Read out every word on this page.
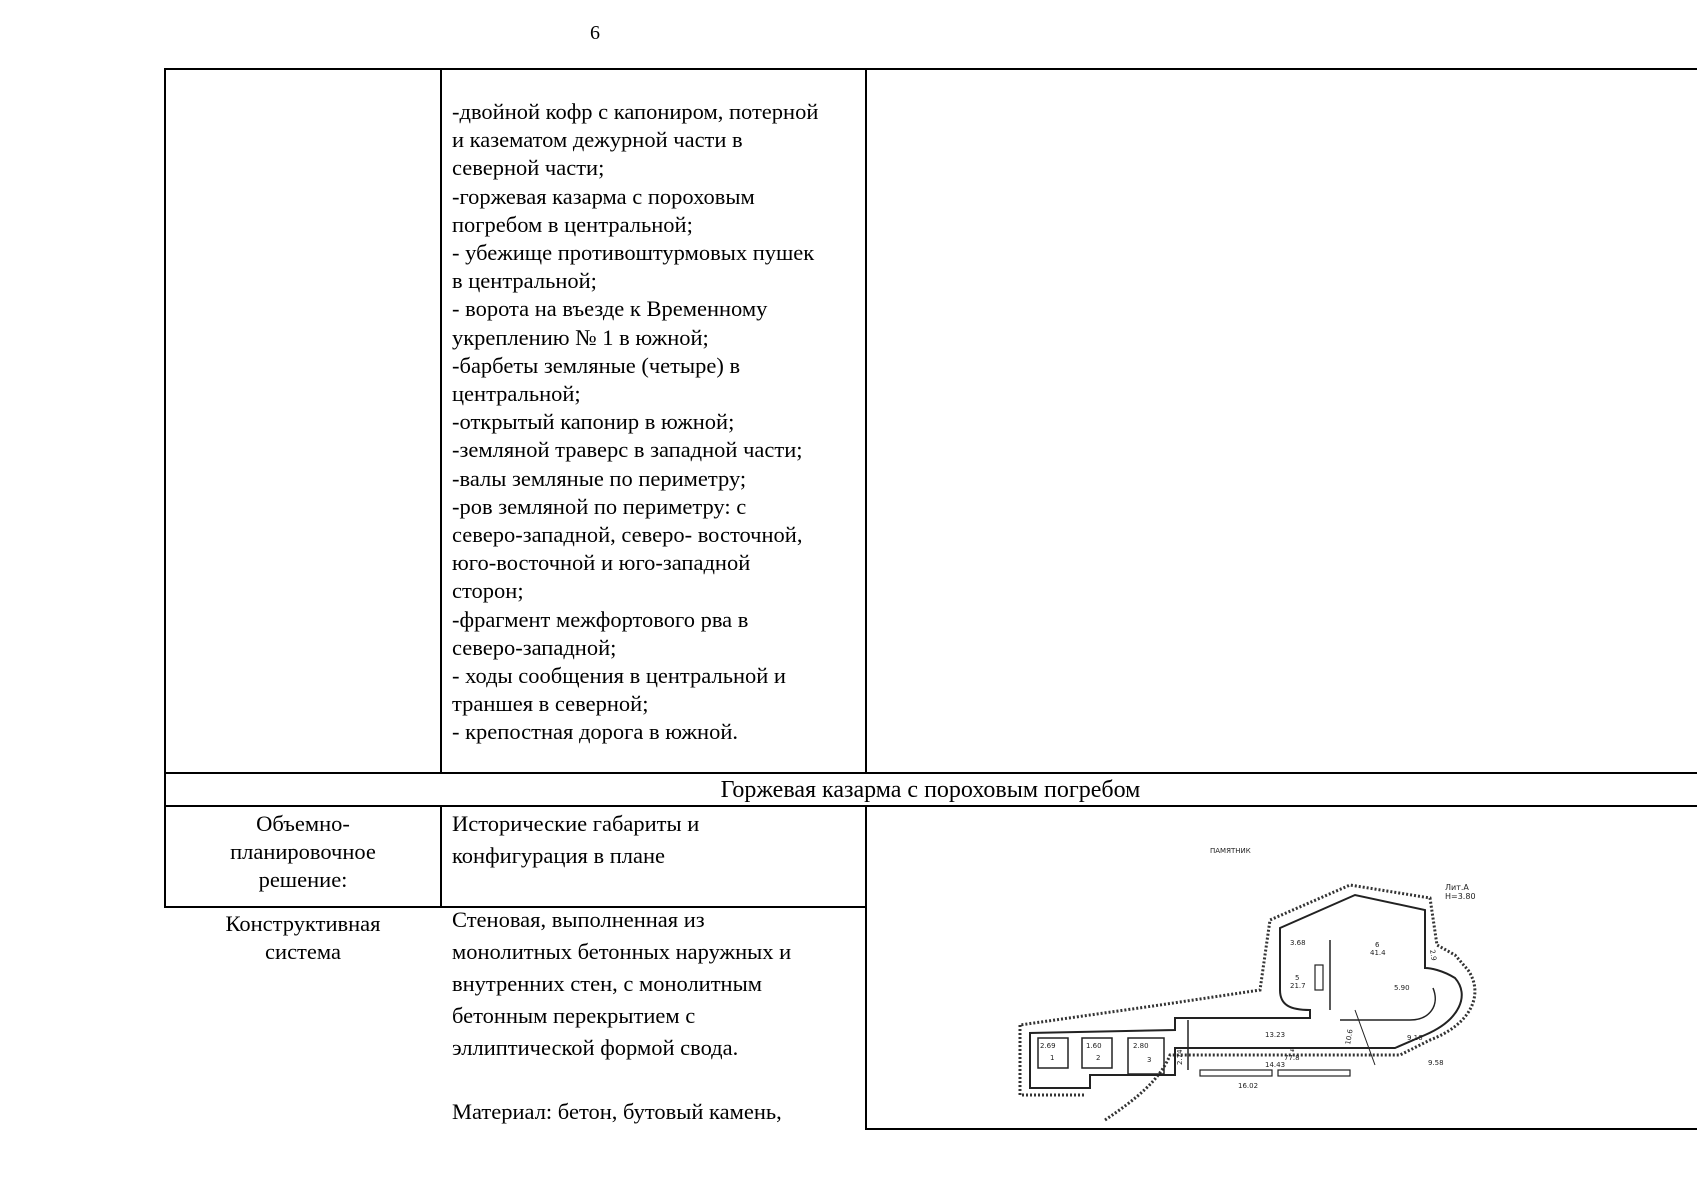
6
-двойной кофр с капониром, потерной
и казематом дежурной части в
северной части;
-горжевая казарма с пороховым
погребом в центральной;
- убежище противоштурмовых пушек
в центральной;
- ворота на въезде к Временному
укреплению № 1 в южной;
-барбеты земляные (четыре) в
центральной;
-открытый капонир в южной;
-земляной траверс в западной части;
-валы земляные по периметру;
-ров земляной по периметру: с
северо-западной, северо- восточной,
юго-восточной и юго-западной
сторон;
-фрагмент межфортового рва в
северо-западной;
- ходы сообщения в центральной и
траншея в северной;
- крепостная дорога в южной.
Горжевая казарма с пороховым погребом
Объемно-
планировочное
решение:
Исторические габариты и
конфигурация в плане
Конструктивная
система
Стеновая, выполненная из
монолитных бетонных наружных и
внутренних стен, с монолитным
бетонным перекрытием с
эллиптической формой свода.
Материал: бетон, бутовый камень,
ПАМЯТНИК
Лит.А
Н=3.80
2.69
1
1.60
2
2.80
3
4
77.8
5
21.7
6
41.4
13.23
14.43
16.02
5.90
9.16
9.58
3.68
2.74
10.6
2.9
